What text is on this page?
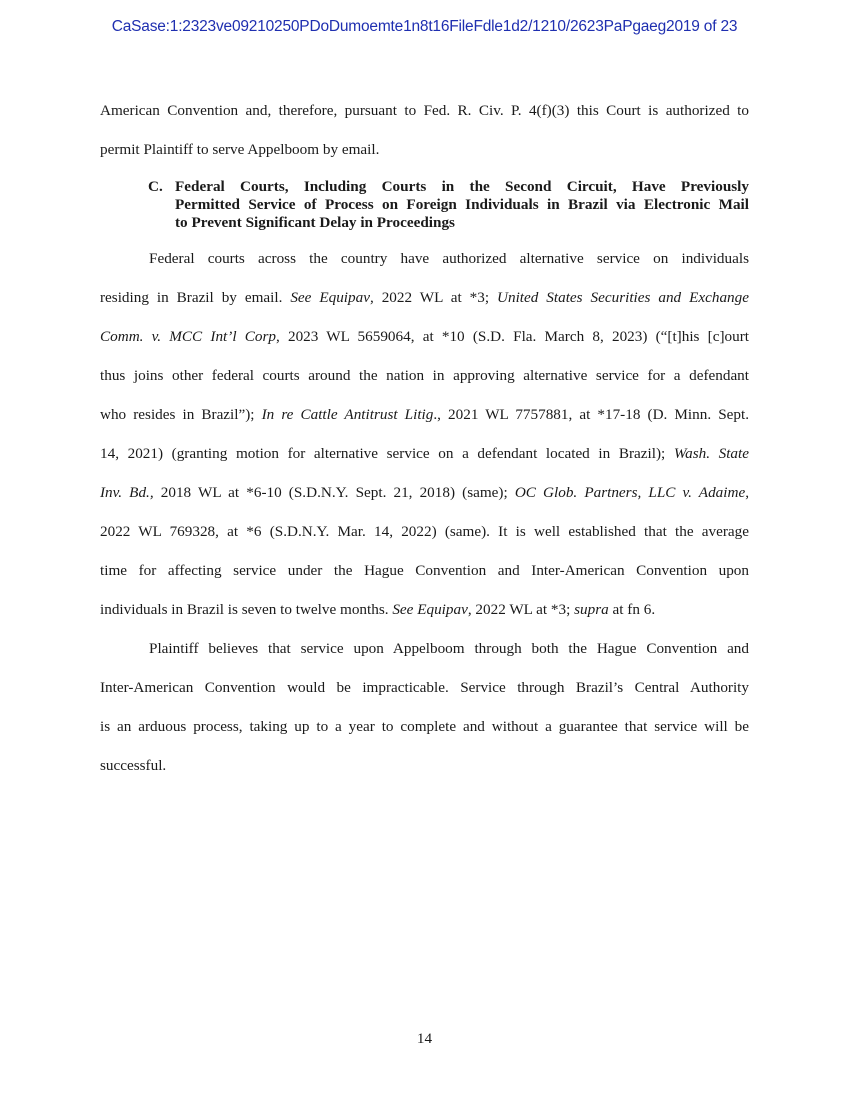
CaSase:1:2323ve09210250PDoDumoemte1n8t16FileFdle1d2/1210/2623PaPgaeg2019 of 23
American Convention and, therefore, pursuant to Fed. R. Civ. P. 4(f)(3) this Court is authorized to
permit Plaintiff to serve Appelboom by email.
C. Federal Courts, Including Courts in the Second Circuit, Have Previously
Permitted Service of Process on Foreign Individuals in Brazil via Electronic Mail
to Prevent Significant Delay in Proceedings
Federal courts across the country have authorized alternative service on individuals
residing in Brazil by email. See Equipav, 2022 WL at *3; United States Securities and Exchange
Comm. v. MCC Int’l Corp, 2023 WL 5659064, at *10 (S.D. Fla. March 8, 2023) (“[t]his [c]ourt
thus joins other federal courts around the nation in approving alternative service for a defendant
who resides in Brazil”); In re Cattle Antitrust Litig., 2021 WL 7757881, at *17-18 (D. Minn. Sept.
14, 2021) (granting motion for alternative service on a defendant located in Brazil); Wash. State
Inv. Bd., 2018 WL at *6-10 (S.D.N.Y. Sept. 21, 2018) (same); OC Glob. Partners, LLC v. Adaime,
2022 WL 769328, at *6 (S.D.N.Y. Mar. 14, 2022) (same). It is well established that the average
time for affecting service under the Hague Convention and Inter-American Convention upon
individuals in Brazil is seven to twelve months. See Equipav, 2022 WL at *3; supra at fn 6.
Plaintiff believes that service upon Appelboom through both the Hague Convention and
Inter-American Convention would be impracticable. Service through Brazil’s Central Authority
is an arduous process, taking up to a year to complete and without a guarantee that service will be
successful.
14
